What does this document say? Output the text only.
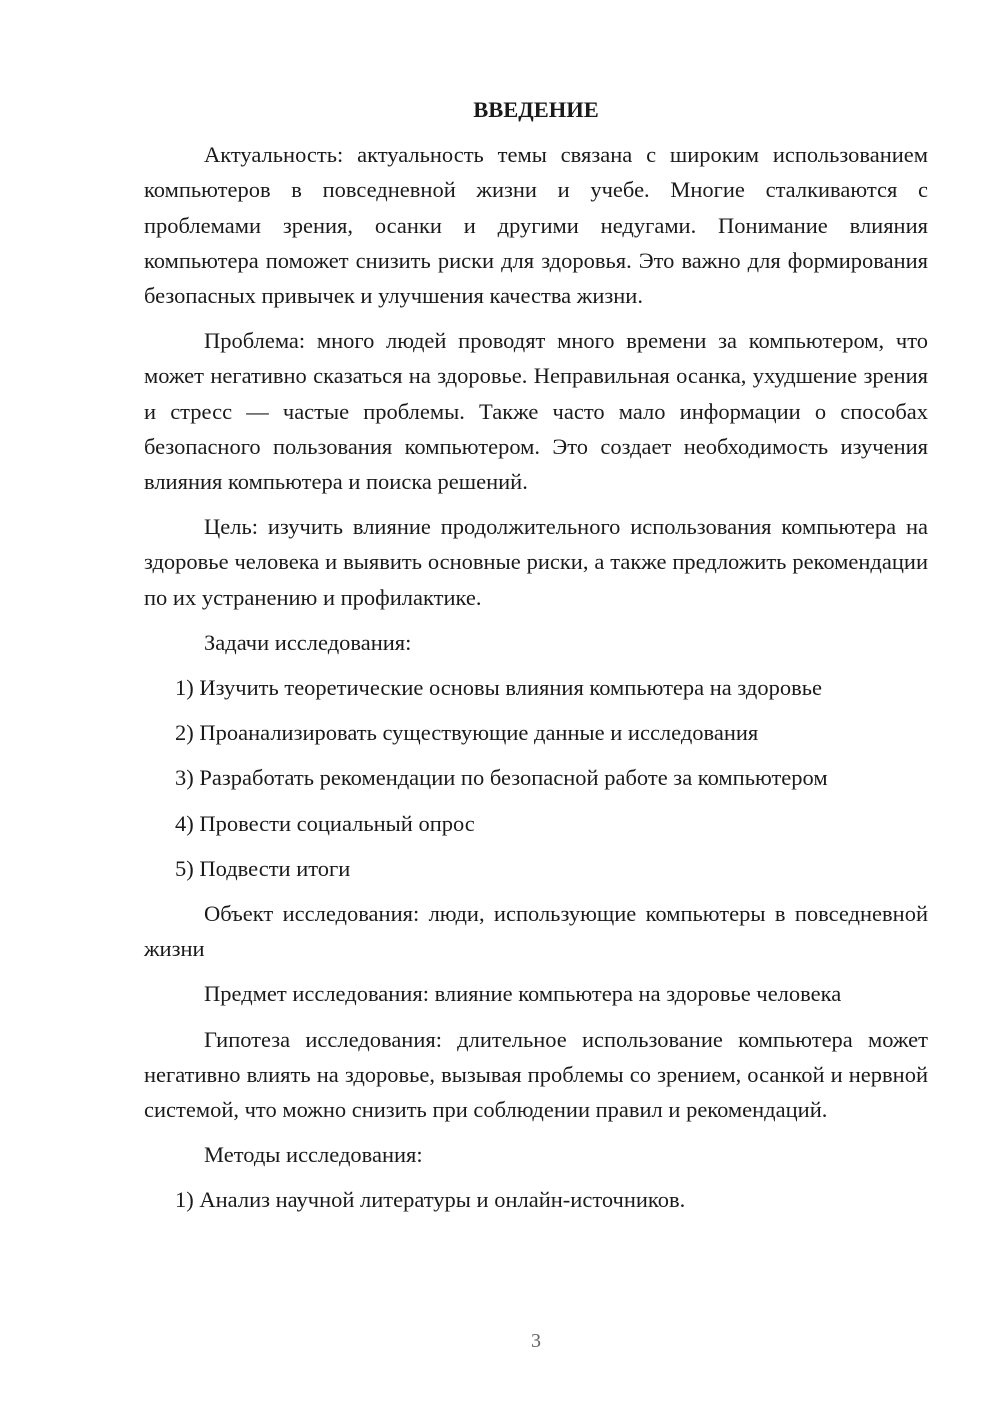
ВВЕДЕНИЕ

Актуальность: актуальность темы связана с широким использованием компьютеров в повседневной жизни и учебе. Многие сталкиваются с проблемами зрения, осанки и другими недугами. Понимание влияния компьютера поможет снизить риски для здоровья. Это важно для формирования безопасных привычек и улучшения качества жизни.

Проблема: много людей проводят много времени за компьютером, что может негативно сказаться на здоровье. Неправильная осанка, ухудшение зрения и стресс — частые проблемы. Также часто мало информации о способах безопасного пользования компьютером. Это создает необходимость изучения влияния компьютера и поиска решений.

Цель: изучить влияние продолжительного использования компьютера на здоровье человека и выявить основные риски, а также предложить рекомендации по их устранению и профилактике.

Задачи исследования:

1) Изучить теоретические основы влияния компьютера на здоровье
2) Проанализировать существующие данные и исследования
3) Разработать рекомендации по безопасной работе за компьютером
4) Провести социальный опрос
5) Подвести итоги

Объект исследования: люди, использующие компьютеры в повседневной жизни

Предмет исследования: влияние компьютера на здоровье человека

Гипотеза исследования: длительное использование компьютера может негативно влиять на здоровье, вызывая проблемы со зрением, осанкой и нервной системой, что можно снизить при соблюдении правил и рекомендаций.

Методы исследования:

1) Анализ научной литературы и онлайн-источников.
3
